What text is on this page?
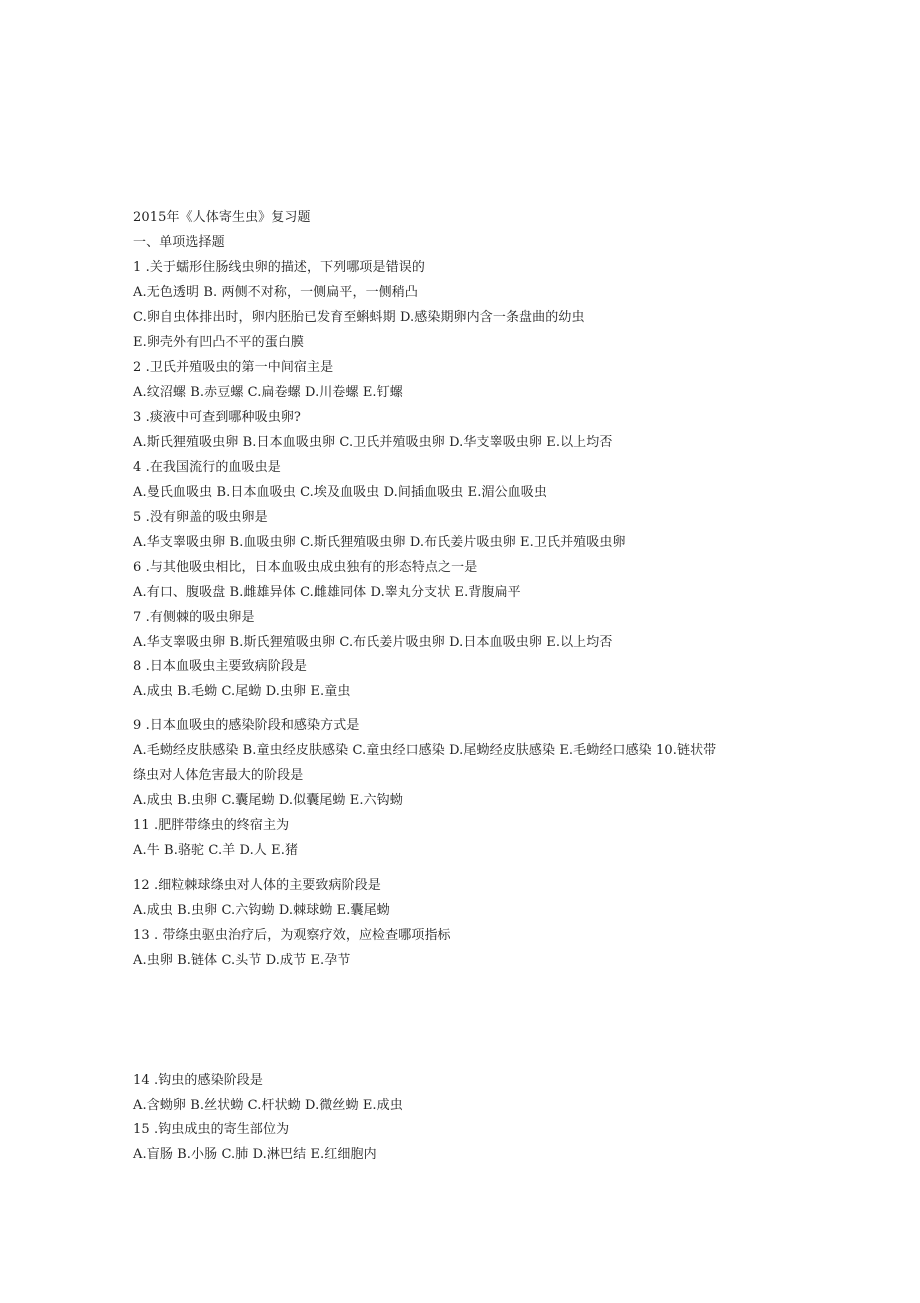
2015年《人体寄生虫》复习题
一、单项选择题
1 .关于蠕形住肠线虫卵的描述，下列哪项是错误的
A.无色透明 B. 两侧不对称，一侧扁平，一侧稍凸
C.卵自虫体排出时，卵内胚胎已发育至蝌蚪期 D.感染期卵内含一条盘曲的幼虫
E.卵壳外有凹凸不平的蛋白膜
2 .卫氏并殖吸虫的第一中间宿主是
A.纹沼螺 B.赤豆螺 C.扁卷螺 D.川卷螺 E.钉螺
3 .痰液中可查到哪种吸虫卵?
A.斯氏狸殖吸虫卵 B.日本血吸虫卵 C.卫氏并殖吸虫卵 D.华支睾吸虫卵 E.以上均否
4 .在我国流行的血吸虫是
A.曼氏血吸虫 B.日本血吸虫 C.埃及血吸虫 D.间插血吸虫 E.湄公血吸虫
5 .没有卵盖的吸虫卵是
A.华支睾吸虫卵 B.血吸虫卵 C.斯氏狸殖吸虫卵 D.布氏姜片吸虫卵 E.卫氏并殖吸虫卵
6 .与其他吸虫相比，日本血吸虫成虫独有的形态特点之一是
A.有口、腹吸盘 B.雌雄异体 C.雌雄同体 D.睾丸分支状 E.背腹扁平
7 .有侧棘的吸虫卵是
A.华支睾吸虫卵 B.斯氏狸殖吸虫卵 C.布氏姜片吸虫卵 D.日本血吸虫卵 E.以上均否
8 .日本血吸虫主要致病阶段是
A.成虫 B.毛蚴 C.尾蚴 D.虫卵 E.童虫
9 .日本血吸虫的感染阶段和感染方式是
A.毛蚴经皮肤感染 B.童虫经皮肤感染 C.童虫经口感染 D.尾蚴经皮肤感染 E.毛蚴经口感染 10.链状带
绦虫对人体危害最大的阶段是
A.成虫 B.虫卵 C.囊尾蚴 D.似囊尾蚴 E.六钩蚴
11 .肥胖带绦虫的终宿主为
A.牛 B.骆驼 C.羊 D.人 E.猪
12 .细粒棘球绦虫对人体的主要致病阶段是
A.成虫 B.虫卵 C.六钩蚴 D.棘球蚴 E.囊尾蚴
13 . 带绦虫驱虫治疗后，为观察疗效，应检查哪项指标
A.虫卵 B.链体 C.头节 D.成节 E.孕节
14 .钩虫的感染阶段是
A.含蚴卵 B.丝状蚴 C.杆状蚴 D.微丝蚴 E.成虫
15 .钩虫成虫的寄生部位为
A.盲肠 B.小肠 C.肺 D.淋巴结 E.红细胞内
